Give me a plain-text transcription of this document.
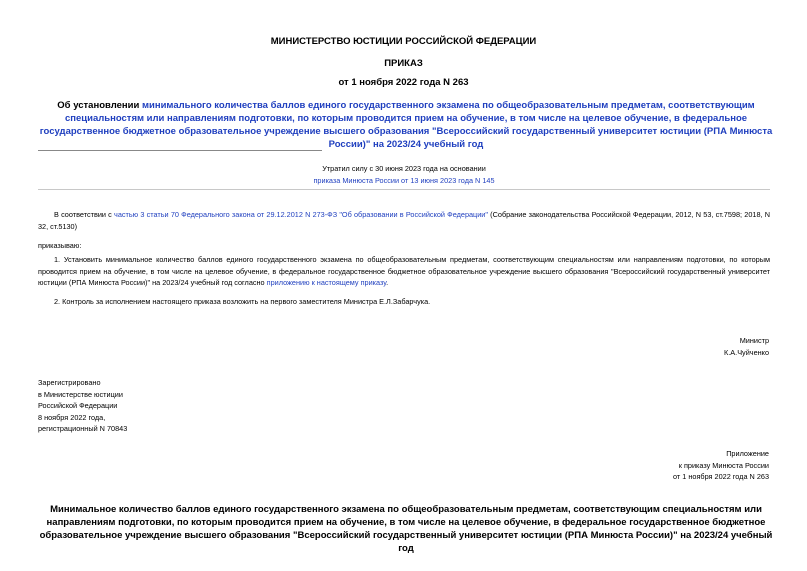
МИНИСТЕРСТВО ЮСТИЦИИ РОССИЙСКОЙ ФЕДЕРАЦИИ
ПРИКАЗ
от 1 ноября 2022 года N 263
Об установлении минимального количества баллов единого государственного экзамена по общеобразовательным предметам, соответствующим специальностям или направлениям подготовки, по которым проводится прием на обучение, в том числе на целевое обучение, в федеральное государственное бюджетное образовательное учреждение высшего образования "Всероссийский государственный университет юстиции (РПА Минюста России)" на 2023/24 учебный год
Утратил силу с 30 июня 2023 года на основании
приказа Минюста России от 13 июня 2023 года N 145
В соответствии с частью 3 статьи 70 Федерального закона от 29.12.2012 N 273-ФЗ "Об образовании в Российской Федерации" (Собрание законодательства Российской Федерации, 2012, N 53, ст.7598; 2018, N 32, ст.5130)
приказываю:
1. Установить минимальное количество баллов единого государственного экзамена по общеобразовательным предметам, соответствующим специальностям или направлениям подготовки, по которым проводится прием на обучение, в том числе на целевое обучение, в федеральное государственное бюджетное образовательное учреждение высшего образования "Всероссийский государственный университет юстиции (РПА Минюста России)" на 2023/24 учебный год согласно приложению к настоящему приказу.
2. Контроль за исполнением настоящего приказа возложить на первого заместителя Министра Е.Л.Забарчука.
Министр
К.А.Чуйченко
Зарегистрировано
в Министерстве юстиции
Российской Федерации
8 ноября 2022 года,
регистрационный N 70843
Приложение
к приказу Минюста России
от 1 ноября 2022 года N 263
Минимальное количество баллов единого государственного экзамена по общеобразовательным предметам, соответствующим специальностям или направлениям подготовки, по которым проводится прием на обучение, в том числе на целевое обучение, в федеральное государственное бюджетное образовательное учреждение высшего образования "Всероссийский государственный университет юстиции (РПА Минюста России)" на 2023/24 учебный год
